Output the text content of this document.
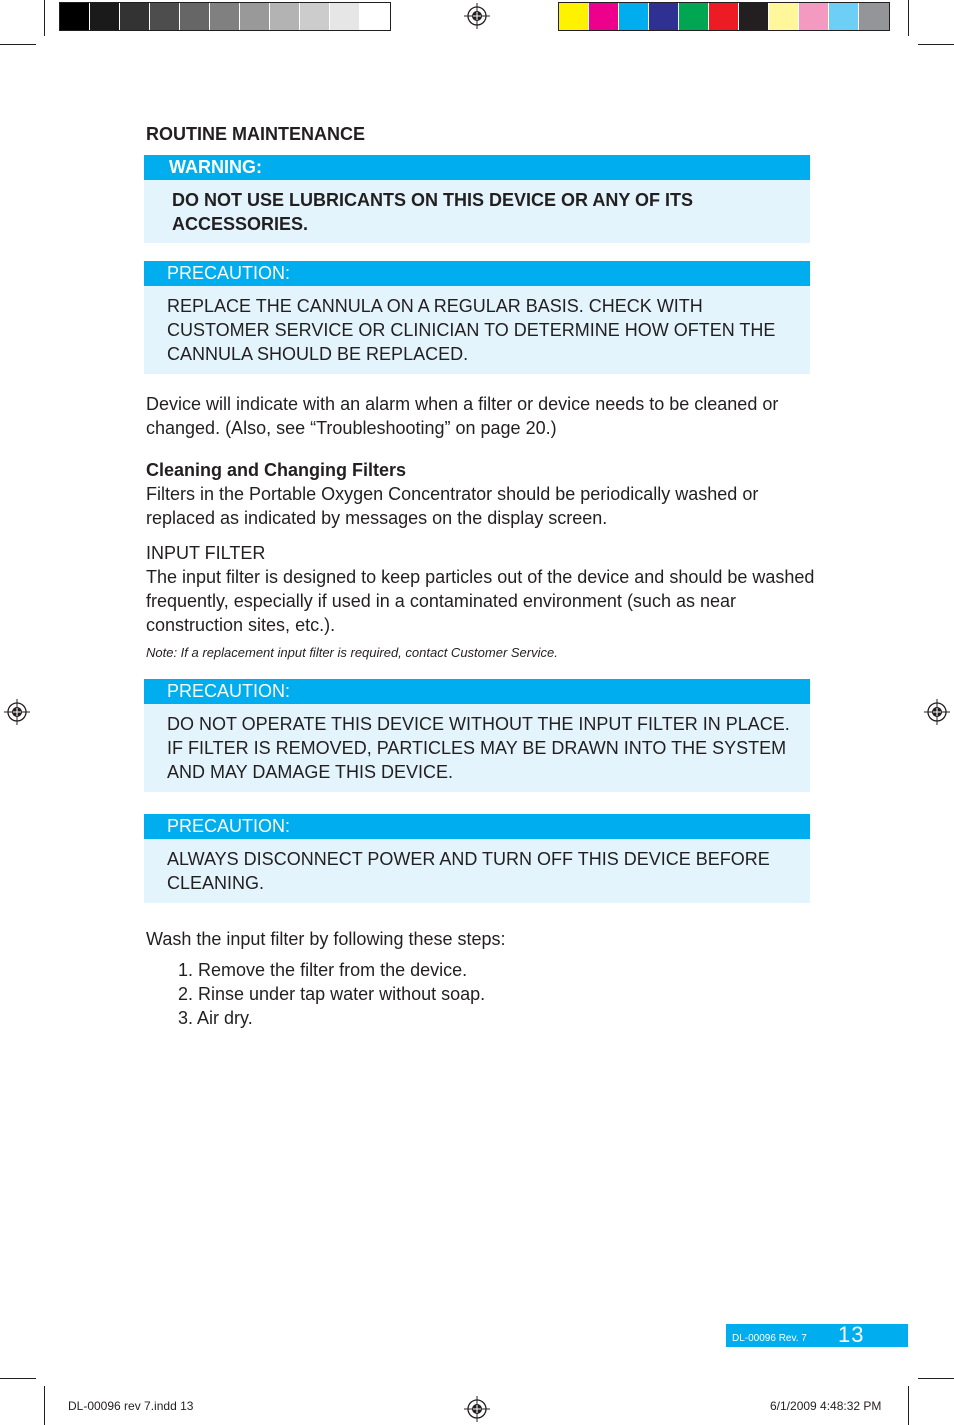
ROUTINE MAINTENANCE
WARNING:
DO NOT USE LUBRICANTS ON THIS DEVICE OR ANY OF ITS ACCESSORIES.
PRECAUTION:
REPLACE THE CANNULA ON A REGULAR BASIS. CHECK WITH CUSTOMER SERVICE OR CLINICIAN TO DETERMINE HOW OFTEN THE CANNULA SHOULD BE REPLACED.
Device will indicate with an alarm when a filter or device needs to be cleaned or changed. (Also, see “Troubleshooting” on page 20.)
Cleaning and Changing Filters
Filters in the Portable Oxygen Concentrator should be periodically washed or replaced as indicated by messages on the display screen.
INPUT FILTER
The input filter is designed to keep particles out of the device and should be washed frequently, especially if used in a contaminated environment (such as near construction sites, etc.).
Note: If a replacement input filter is required, contact Customer Service.
PRECAUTION:
DO NOT OPERATE THIS DEVICE WITHOUT THE INPUT FILTER IN PLACE. IF FILTER IS REMOVED, PARTICLES MAY BE DRAWN INTO THE SYSTEM AND MAY DAMAGE THIS DEVICE.
PRECAUTION:
ALWAYS DISCONNECT POWER AND TURN OFF THIS DEVICE BEFORE CLEANING.
Wash the input filter by following these steps:
1. Remove the filter from the device.
2. Rinse under tap water without soap.
3. Air dry.
DL-00096 Rev. 7 13
DL-00096 rev 7.indd 13	6/1/2009 4:48:32 PM
